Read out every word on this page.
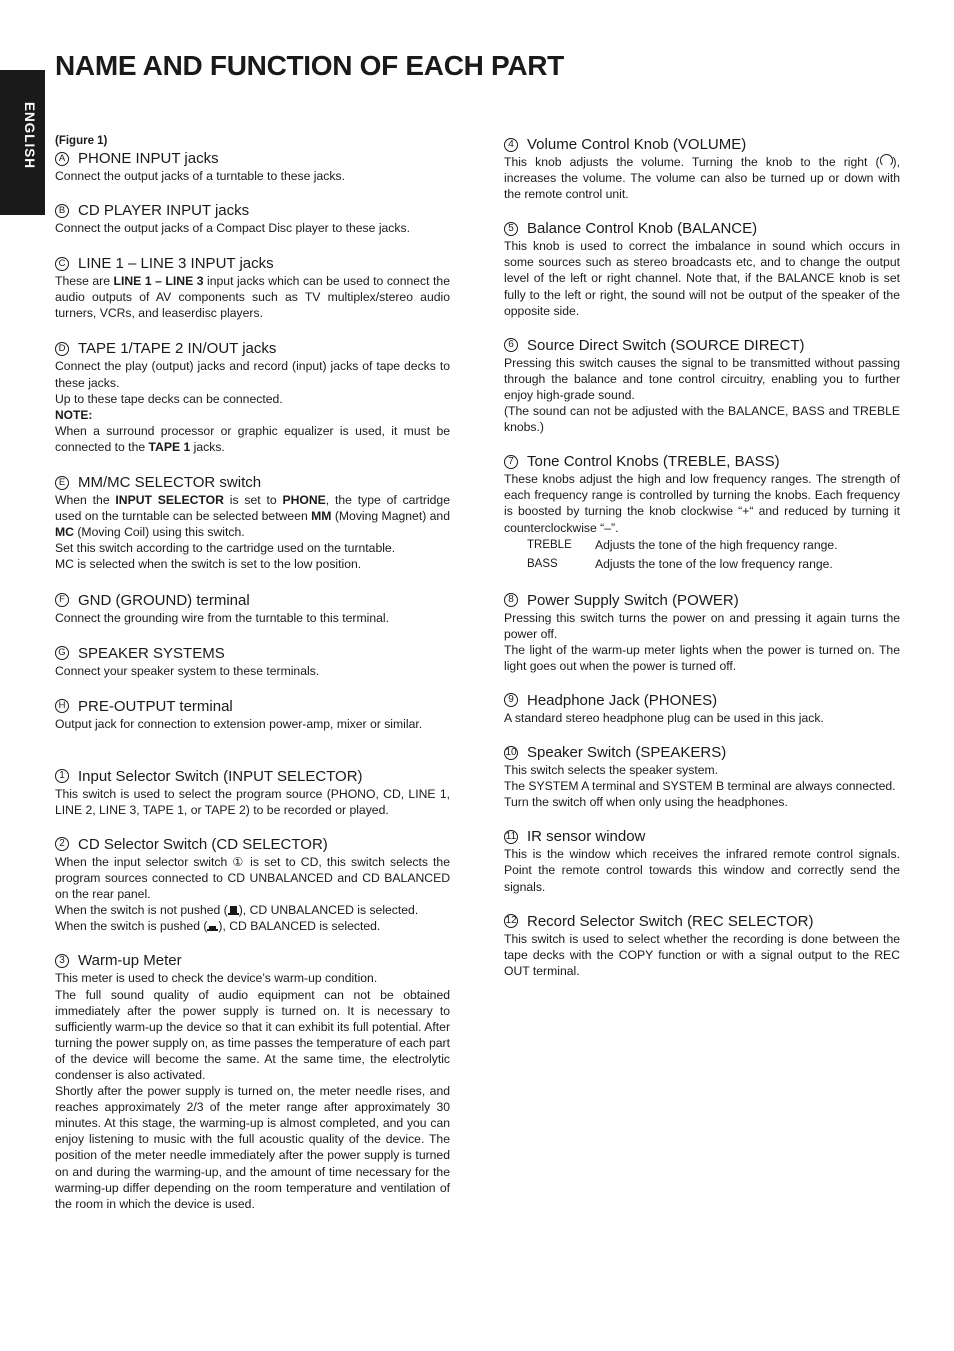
ENGLISH
NAME AND FUNCTION OF EACH PART

(Figure 1)

A PHONE INPUT jacks

Connect the output jacks of a turntable to these jacks.

B CD PLAYER INPUT jacks

Connect the output jacks of a Compact Disc player to these jacks.

C LINE 1 – LINE 3 INPUT jacks

These are LINE 1 – LINE 3 input jacks which can be used to connect the audio outputs of AV components such as TV multiplex/stereo audio turners, VCRs, and leaserdisc players.

D TAPE 1/TAPE 2 IN/OUT jacks

Connect the play (output) jacks and record (input) jacks of tape decks to these jacks.

Up to these tape decks can be connected.

NOTE:

When a surround processor or graphic equalizer is used, it must be connected to the TAPE 1 jacks.

E MM/MC SELECTOR switch

When the INPUT SELECTOR is set to PHONE, the type of cartridge used on the turntable can be selected between MM (Moving Magnet) and MC (Moving Coil) using this switch.

Set this switch according to the cartridge used on the turntable.

MC is selected when the switch is set to the low position.

F GND (GROUND) terminal

Connect the grounding wire from the turntable to this terminal.

G SPEAKER SYSTEMS

Connect your speaker system to these terminals.

H PRE-OUTPUT terminal

Output jack for connection to extension power-amp, mixer or similar.

1 Input Selector Switch (INPUT SELECTOR)

This switch is used to select the program source (PHONO, CD, LINE 1, LINE 2, LINE 3, TAPE 1, or TAPE 2) to be recorded or played.

2 CD Selector Switch (CD SELECTOR)

When the input selector switch ① is set to CD, this switch selects the program sources connected to CD UNBALANCED and CD BALANCED on the rear panel.

When the switch is not pushed ( ), CD UNBALANCED is selected.

When the switch is pushed ( ), CD BALANCED is selected.

3 Warm-up Meter

This meter is used to check the device’s warm-up condition.

The full sound quality of audio equipment can not be obtained immediately after the power supply is turned on. It is necessary to sufficiently warm-up the device so that it can exhibit its full potential. After turning the power supply on, as time passes the temperature of each part of the device will become the same. At the same time, the electrolytic condenser is also activated.

Shortly after the power supply is turned on, the meter needle rises, and reaches approximately 2/3 of the meter range after approximately 30 minutes. At this stage, the warming-up is almost completed, and you can enjoy listening to music with the full acoustic quality of the device. The position of the meter needle immediately after the power supply is turned on and during the warming-up, and the amount of time necessary for the warming-up differ depending on the room temperature and ventilation of the room in which the device is used.

4 Volume Control Knob (VOLUME)

This knob adjusts the volume. Turning the knob to the right ( ), increases the volume. The volume can also be turned up or down with the remote control unit.

5 Balance Control Knob (BALANCE)

This knob is used to correct the imbalance in sound which occurs in some sources such as stereo broadcasts etc, and to change the output level of the left or right channel. Note that, if the BALANCE knob is set fully to the left or right, the sound will not be output of the speaker of the opposite side.

6 Source Direct Switch (SOURCE DIRECT)

Pressing this switch causes the signal to be transmitted without passing through the balance and tone control circuitry, enabling you to further enjoy high-grade sound.

(The sound can not be adjusted with the BALANCE, BASS and TREBLE knobs.)

7 Tone Control Knobs (TREBLE, BASS)

These knobs adjust the high and low frequency ranges. The strength of each frequency range is controlled by turning the knobs. Each frequency is boosted by turning the knob clockwise “+“ and reduced by turning it counterclockwise “–”.

TREBLE	Adjusts the tone of the high frequency range.
BASS	Adjusts the tone of the low frequency range.
8 Power Supply Switch (POWER)

Pressing this switch turns the power on and pressing it again turns the power off.

The light of the warm-up meter lights when the power is turned on. The light goes out when the power is turned off.

9 Headphone Jack (PHONES)

A standard stereo headphone plug can be used in this jack.

10 Speaker Switch (SPEAKERS)

This switch selects the speaker system.

The SYSTEM A terminal and SYSTEM B terminal are always connected.

Turn the switch off when only using the headphones.

11 IR sensor window

This is the window which receives the infrared remote control signals. Point the remote control towards this window and correctly send the signals.

12 Record Selector Switch (REC SELECTOR)

This switch is used to select whether the recording is done between the tape decks with the COPY function or with a signal output to the REC OUT terminal.
